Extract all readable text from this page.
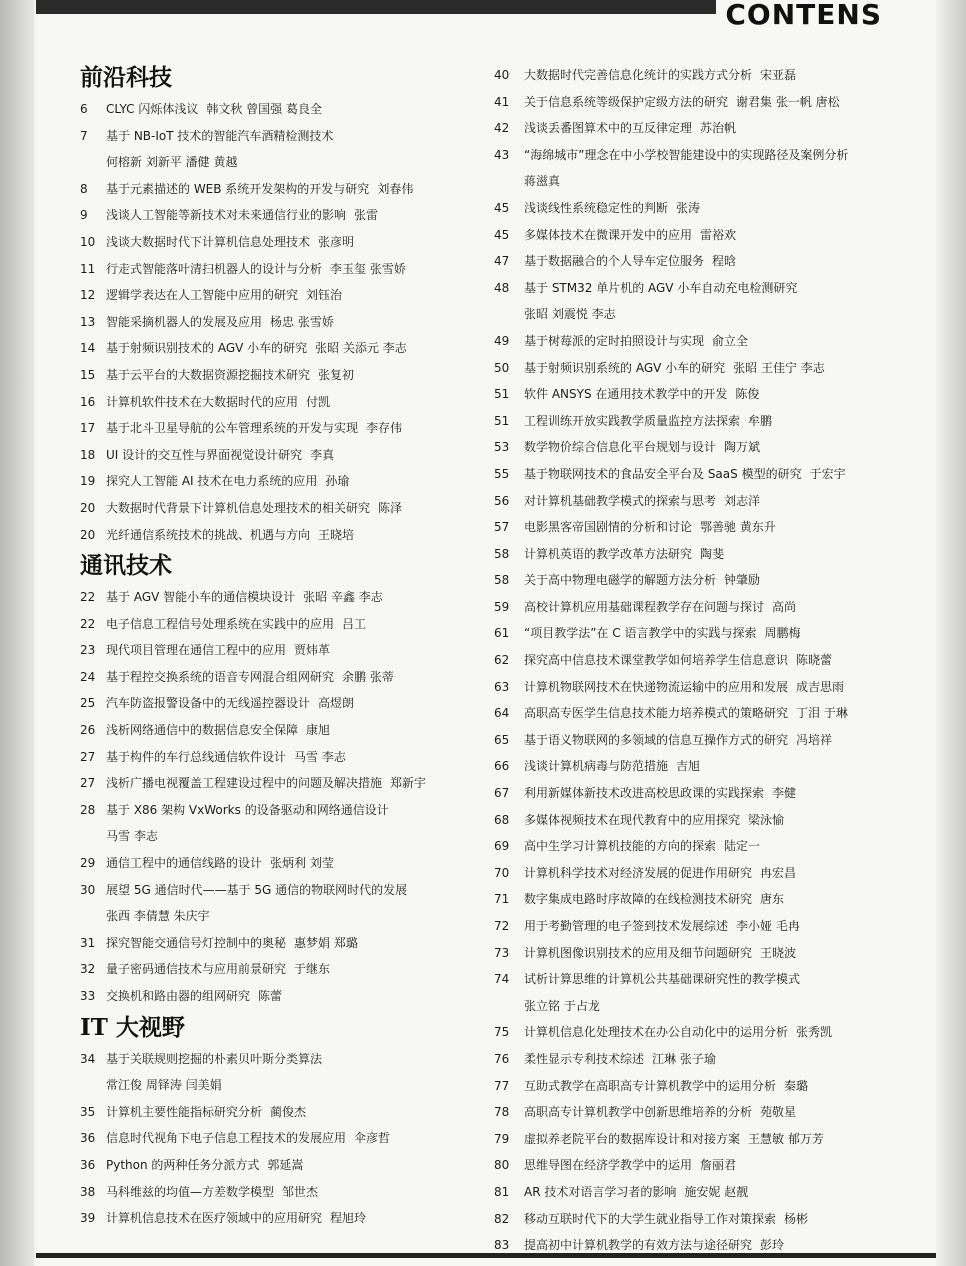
CONTENS
前沿科技
6 CLYC 闪烁体浅议 韩文秋 曾国强 葛良全
7 基于 NB-IoT 技术的智能汽车酒精检测技术
何榕新 刘新平 潘健 黄越
8 基于元素描述的 WEB 系统开发架构的开发与研究 刘春伟
9 浅谈人工智能等新技术对未来通信行业的影响 张雷
10 浅谈大数据时代下计算机信息处理技术 张彦明
11 行走式智能落叶清扫机器人的设计与分析 李玉玺 张雪娇
12 逻辑学表达在人工智能中应用的研究 刘钰治
13 智能采摘机器人的发展及应用 杨忠 张雪娇
14 基于射频识别技术的 AGV 小车的研究 张昭 关添元 李志
15 基于云平台的大数据资源挖掘技术研究 张复初
16 计算机软件技术在大数据时代的应用 付凯
17 基于北斗卫星导航的公车管理系统的开发与实现 李存伟
18 UI 设计的交互性与界面视觉设计研究 李真
19 探究人工智能 AI 技术在电力系统的应用 孙瑜
20 大数据时代背景下计算机信息处理技术的相关研究 陈泽
20 光纤通信系统技术的挑战、机遇与方向 王晓培
通讯技术
22 基于 AGV 智能小车的通信模块设计 张昭 辛鑫 李志
22 电子信息工程信号处理系统在实践中的应用 吕工
23 现代项目管理在通信工程中的应用 贾炜革
24 基于程控交换系统的语音专网混合组网研究 余鹏 张蒂
25 汽车防盗报警设备中的无线遥控器设计 高煜朗
26 浅析网络通信中的数据信息安全保障 康旭
27 基于构件的车行总线通信软件设计 马雪 李志
27 浅析广播电视覆盖工程建设过程中的问题及解决措施 郑新宇
28 基于 X86 架构 VxWorks 的设备驱动和网络通信设计
马雪 李志
29 通信工程中的通信线路的设计 张炳利 刘莹
30 展望 5G 通信时代——基于 5G 通信的物联网时代的发展
张西 李倩慧 朱庆宇
31 探究智能交通信号灯控制中的奥秘 惠梦娟 郑璐
32 量子密码通信技术与应用前景研究 于继东
33 交换机和路由器的组网研究 陈蕾
IT 大视野
34 基于关联规则挖掘的朴素贝叶斯分类算法
常江俊 周铎涛 闫美娟
35 计算机主要性能指标研究分析 蔺俊杰
36 信息时代视角下电子信息工程技术的发展应用 伞彦哲
36 Python 的两种任务分派方式 郭延嵩
38 马科维兹的均值—方差数学模型 邹世杰
39 计算机信息技术在医疗领域中的应用研究 程旭玲
40 大数据时代完善信息化统计的实践方式分析 宋亚磊
41 关于信息系统等级保护定级方法的研究 谢君集 张一帆 唐松
42 浅谈丢番图算术中的互反律定理 苏治帆
43 “海绵城市”理念在中小学校智能建设中的实现路径及案例分析
蒋滋真
45 浅谈线性系统稳定性的判断 张涛
45 多媒体技术在微课开发中的应用 雷裕欢
47 基于数据融合的个人导车定位服务 程晗
48 基于 STM32 单片机的 AGV 小车自动充电检测研究
张昭 刘震悦 李志
49 基于树莓派的定时拍照设计与实现 俞立全
50 基于射频识别系统的 AGV 小车的研究 张昭 王佳宁 李志
51 软件 ANSYS 在通用技术教学中的开发 陈俊
51 工程训练开放实践教学质量监控方法探索 牟鹏
53 数学物价综合信息化平台规划与设计 陶万斌
55 基于物联网技术的食品安全平台及 SaaS 模型的研究 于宏宇
56 对计算机基础教学模式的探索与思考 刘志洋
57 电影黑客帝国剧情的分析和讨论 鄂善驰 黄东升
58 计算机英语的教学改革方法研究 陶斐
58 关于高中物理电磁学的解题方法分析 钟肇励
59 高校计算机应用基础课程教学存在问题与探讨 高尚
61 “项目教学法”在 C 语言教学中的实践与探索 周鹏梅
62 探究高中信息技术课堂教学如何培养学生信息意识 陈晓蕾
63 计算机物联网技术在快递物流运输中的应用和发展 成吉思雨
64 高职高专医学生信息技术能力培养模式的策略研究 丁泪 于琳
65 基于语义物联网的多领域的信息互操作方式的研究 冯培祥
66 浅谈计算机病毒与防范措施 吉旭
67 利用新媒体新技术改进高校思政课的实践探索 李健
68 多媒体视频技术在现代教育中的应用探究 梁泳愉
69 高中生学习计算机技能的方向的探索 陆定一
70 计算机科学技术对经济发展的促进作用研究 冉宏昌
71 数字集成电路时序故障的在线检测技术研究 唐东
72 用于考勤管理的电子签到技术发展综述 李小娅 毛冉
73 计算机图像识别技术的应用及细节问题研究 王晓波
74 试析计算思维的计算机公共基础课研究性的教学模式
张立铭 于占龙
75 计算机信息化处理技术在办公自动化中的运用分析 张秀凯
76 柔性显示专利技术综述 江琳 张子瑜
77 互助式教学在高职高专计算机教学中的运用分析 秦璐
78 高职高专计算机教学中创新思维培养的分析 苑敬星
79 虚拟养老院平台的数据库设计和对接方案 王慧敏 郁万芳
80 思维导图在经济学教学中的运用 詹丽君
81 AR 技术对语言学习者的影响 施安妮 赵靓
82 移动互联时代下的大学生就业指导工作对策探索 杨彬
83 提高初中计算机教学的有效方法与途径研究 彭玲
